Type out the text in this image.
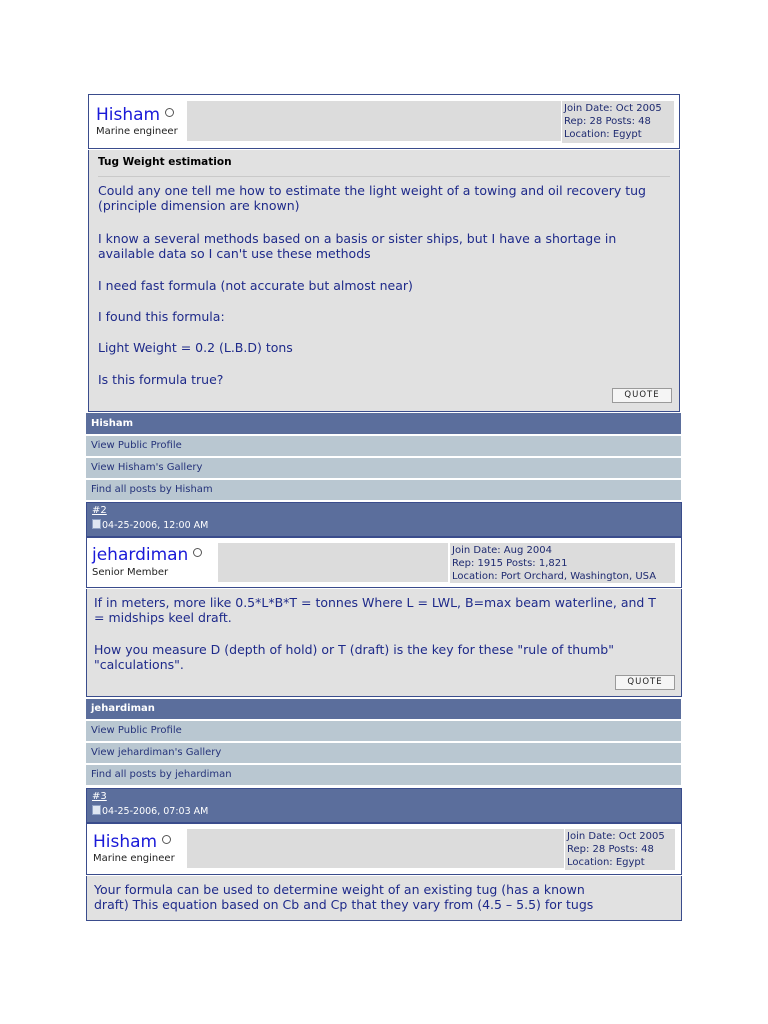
Hisham
Marine engineer
Join Date: Oct 2005
Rep: 28 Posts: 48
Location: Egypt

Tug Weight estimation

Could any one tell me how to estimate the light weight of a towing and oil recovery tug (principle dimension are known)

I know a several methods based on a basis or sister ships, but I have a shortage in available data so I can't use these methods

I need fast formula (not accurate but almost near)

I found this formula:

Light Weight = 0.2 (L.B.D) tons

Is this formula true?

QUOTE
Hisham
View Public Profile
View Hisham's Gallery
Find all posts by Hisham
#2
04-25-2006, 12:00 AM
jehardiman
Senior Member
Join Date: Aug 2004
Rep: 1915 Posts: 1,821
Location: Port Orchard, Washington, USA

If in meters, more like 0.5*L*B*T = tonnes Where L = LWL, B=max beam waterline, and T = midships keel draft.

How you measure D (depth of hold) or T (draft) is the key for these "rule of thumb" "calculations".

QUOTE
jehardiman
View Public Profile
View jehardiman's Gallery
Find all posts by jehardiman
#3
04-25-2006, 07:03 AM
Hisham
Marine engineer
Join Date: Oct 2005
Rep: 28 Posts: 48
Location: Egypt

Your formula can be used to determine weight of an existing tug (has a known draft) This equation based on Cb and Cp that they vary from (4.5 – 5.5) for tugs
